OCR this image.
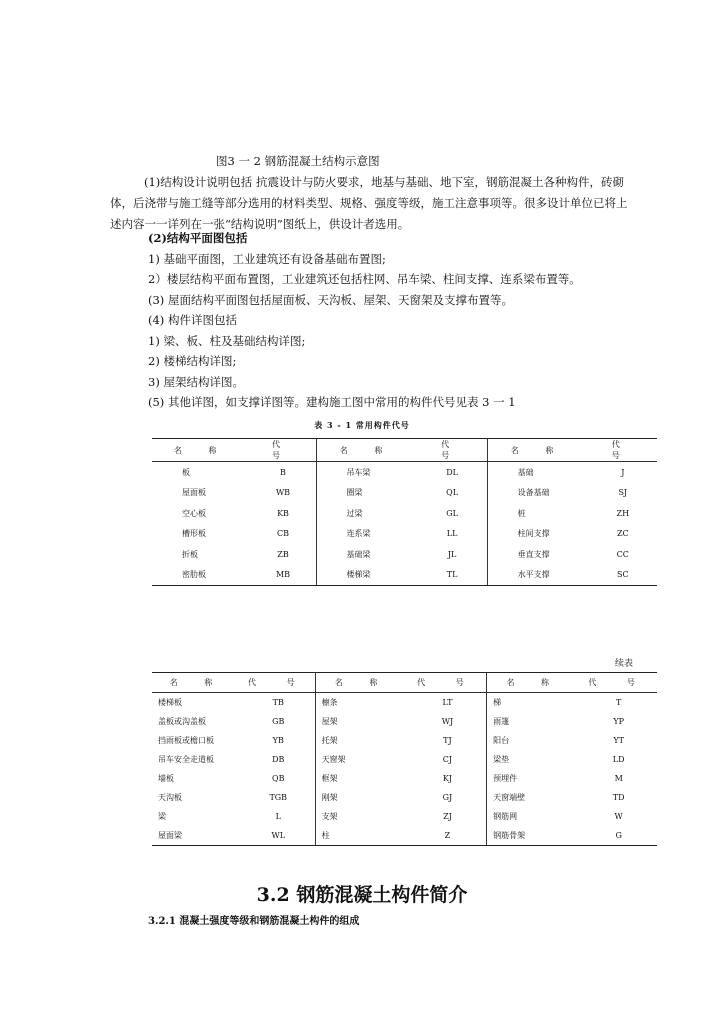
图3 一 2 钢筋混凝土结构示意图
(1)结构设计说明包括 抗震设计与防火要求，地基与基础、地下室，钢筋混凝土各种构件，砖砌体，后浇带与施工缝等部分选用的材料类型、规格、强度等级，施工注意事项等。很多设计单位已将上述内容一一详列在一张“结构说明”图纸上，供设计者选用。
(2)结构平面图包括
1) 基础平面图，工业建筑还有设备基础布置图;
2）楼层结构平面布置图，工业建筑还包括柱网、吊车梁、柱间支撑、连系梁布置等。
(3) 屋面结构平面图包括屋面板、天沟板、屋架、天窗架及支撑布置等。
(4) 构件详图包括
1) 梁、板、柱及基础结构详图;
2) 楼梯结构详图;
3) 屋架结构详图。
(5) 其他详图，如支撑详图等。建构施工图中常用的构件代号见表 3 一 1
表 3 - 1 常用构件代号
名 称	代 号	名 称	代 号	名 称	代 号
板	B	吊车梁	DL	基础	J
屋面板	WB	圈梁	QL	设备基础	SJ
空心板	KB	过梁	GL	桩	ZH
槽形板	CB	连系梁	LL	柱间支撑	ZC
折板	ZB	基础梁	JL	垂直支撑	CC
密肋板	MB	楼梯梁	TL	水平支撑	SC
续表
名 称	代 号	名 称	代 号	名 称	代 号
楼梯板	TB	檩条	LT	梯	T
盖板或沟盖板	GB	屋架	WJ	雨篷	YP
挡雨板或檐口板	YB	托架	TJ	阳台	YT
吊车安全走道板	DB	天窗架	CJ	梁垫	LD
墙板	QB	框架	KJ	预埋件	M
天沟板	TGB	刚架	GJ	天窗端壁	TD
梁	L	支架	ZJ	钢筋网	W
屋面梁	WL	柱	Z	钢筋骨架	G
3.2 钢筋混凝土构件简介
3.2.1 混凝土强度等级和钢筋混凝土构件的组成
